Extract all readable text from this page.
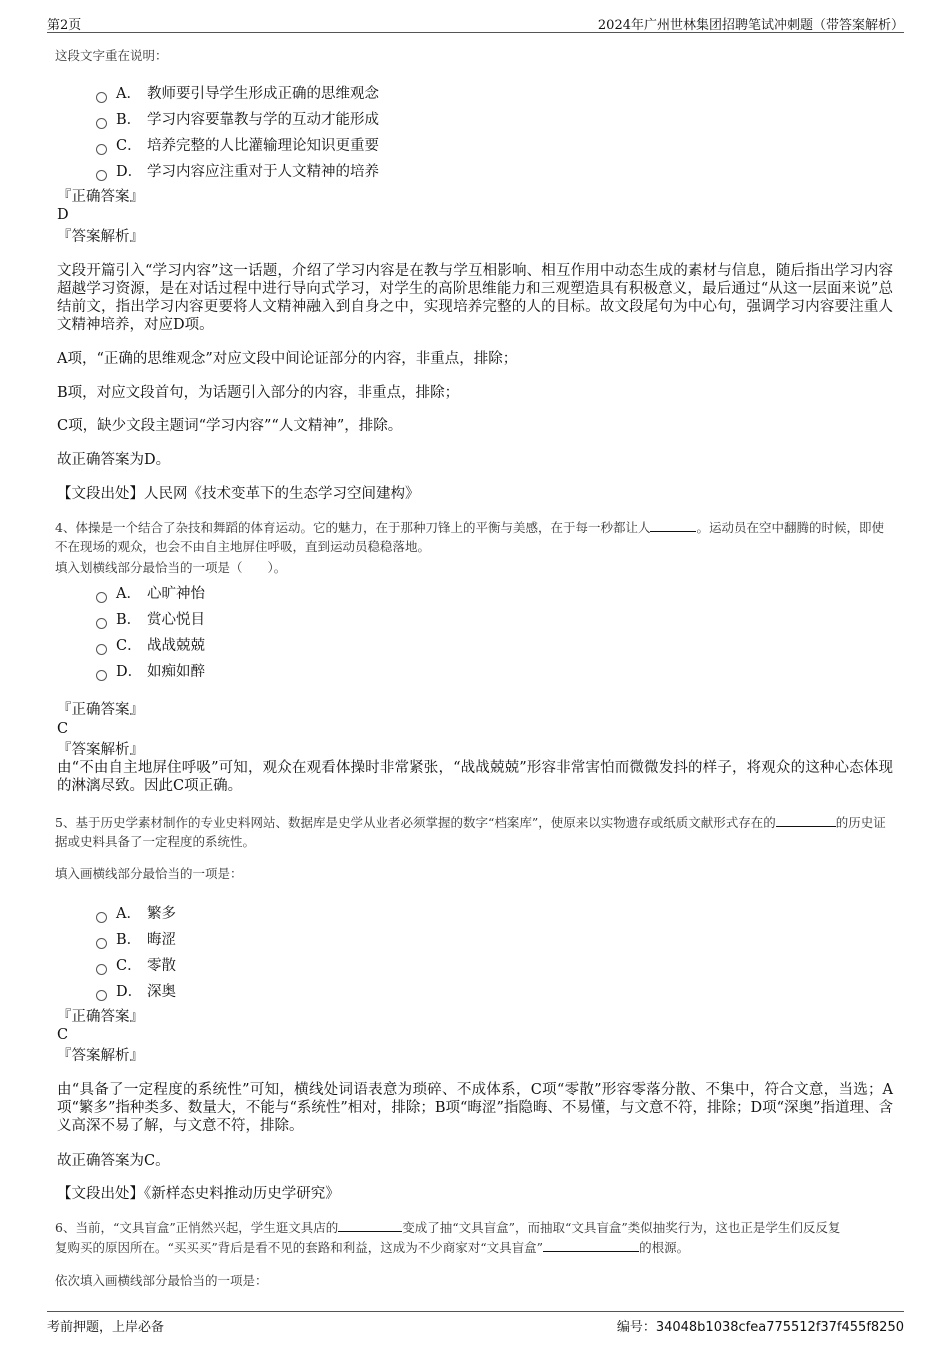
第2页	2024年广州世林集团招聘笔试冲刺题（带答案解析）
这段文字重在说明：
A． 教师要引导学生形成正确的思维观念
B． 学习内容要靠教与学的互动才能形成
C． 培养完整的人比灌输理论知识更重要
D． 学习内容应注重对于人文精神的培养
『正确答案』
D
『答案解析』
文段开篇引入“学习内容”这一话题，介绍了学习内容是在教与学互相影响、相互作用中动态生成的素材与信息，随后指出学习内容超越学习资源，是在对话过程中进行导向式学习，对学生的高阶思维能力和三观塑造具有积极意义，最后通过“从这一层面来说”总结前文，指出学习内容更要将人文精神融入到自身之中，实现培养完整的人的目标。故文段尾句为中心句，强调学习内容要注重人文精神培养，对应D项。
A项，“正确的思维观念”对应文段中间论证部分的内容，非重点，排除；
B项，对应文段首句，为话题引入部分的内容，非重点，排除；
C项，缺少文段主题词“学习内容”“人文精神”，排除。
故正确答案为D。
【文段出处】人民网《技术变革下的生态学习空间建构》
4、体操是一个结合了杂技和舞蹈的体育运动。它的魅力，在于那种刀锋上的平衡与美感，在于每一秒都让人	。运动员在空中翻腾的时候，即使不在现场的观众，也会不由自主地屏住呼吸，直到运动员稳稳落地。
填入划横线部分最恰当的一项是（　　）。
A． 心旷神怡
B． 赏心悦目
C． 战战兢兢
D． 如痴如醉
『正确答案』
C
『答案解析』
由“不由自主地屏住呼吸”可知，观众在观看体操时非常紧张，“战战兢兢”形容非常害怕而微微发抖的样子，将观众的这种心态体现的淋漓尽致。因此C项正确。
5、基于历史学素材制作的专业史料网站、数据库是史学从业者必须掌握的数字“档案库”，使原来以实物遗存或纸质文献形式存在的	的历史证据或史料具备了一定程度的系统性。
填入画横线部分最恰当的一项是：
A． 繁多
B． 晦涩
C． 零散
D． 深奥
『正确答案』
C
『答案解析』
由“具备了一定程度的系统性”可知，横线处词语表意为琐碎、不成体系，C项“零散”形容零落分散、不集中，符合文意，当选；A项“繁多”指种类多、数量大，不能与“系统性”相对，排除；B项“晦涩”指隐晦、不易懂，与文意不符，排除；D项“深奥”指道理、含义高深不易了解，与文意不符，排除。
故正确答案为C。
【文段出处】《新样态史料推动历史学研究》
6、当前，“文具盲盒”正悄然兴起，学生逛文具店的	变成了抽“文具盲盒”，而抽取“文具盲盒”类似抽奖行为，这也正是学生们反反复
复购买的原因所在。“买买买”背后是看不见的套路和利益，这成为不少商家对“文具盲盒”	的根源。
依次填入画横线部分最恰当的一项是：
考前押题，上岸必备	编号：34048b1038cfea775512f37f455f8250
